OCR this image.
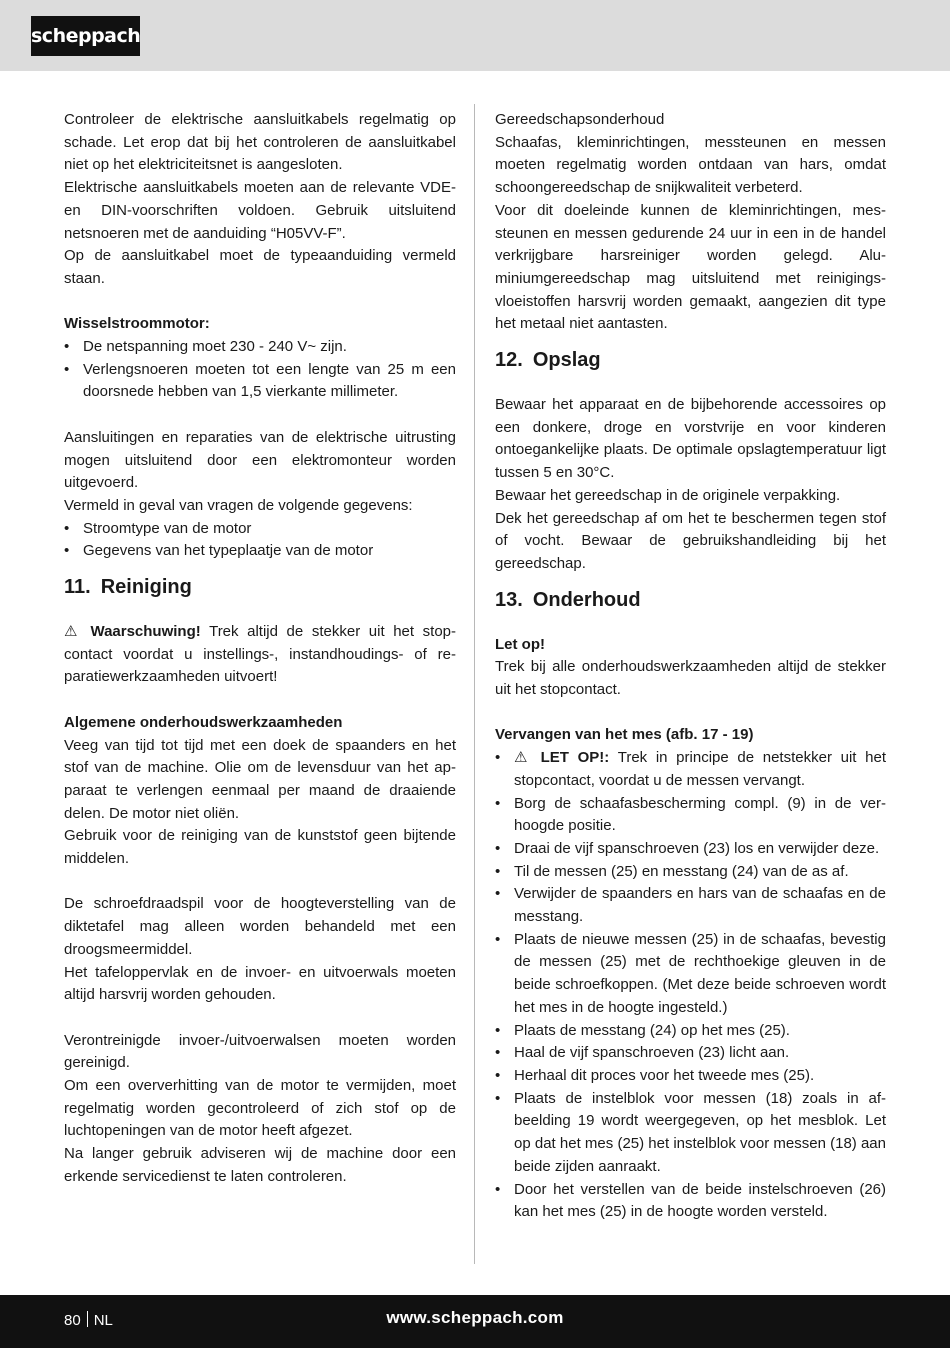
scheppach

Controleer de elektrische aansluitkabels regelmatig op schade. Let erop dat bij het controleren de aansluitkabel niet op het elektriciteitsnet is aangesloten.

Elektrische aansluitkabels moeten aan de relevante VDE- en DIN-voorschriften voldoen. Gebruik uitsluitend netsnoeren met de aanduiding “H05VV-F”.

Op de aansluitkabel moet de typeaanduiding vermeld staan.

Wisselstroommotor:

• De netspanning moet 230 - 240 V~ zijn.
• Verlengsnoeren moeten tot een lengte van 25 m een doorsnede hebben van 1,5 vierkante millimeter.

Aansluitingen en reparaties van de elektrische uitrusting mogen uitsluitend door een elektromonteur worden uitgevoerd.

Vermeld in geval van vragen de volgende gegevens:

• Stroomtype van de motor
• Gegevens van het typeplaatje van de motor
11. Reiniging

⚠ Waarschuwing! Trek altijd de stekker uit het stopcontact voordat u instellings-, instandhoudings- of reparatiewerkzaamheden uitvoert!

Algemene onderhoudswerkzaamheden

Veeg van tijd tot tijd met een doek de spaanders en het stof van de machine. Olie om de levensduur van het apparaat te verlengen eenmaal per maand de draaiende delen. De motor niet oliën.

Gebruik voor de reiniging van de kunststof geen bijtende middelen.

De schroefdraadspil voor de hoogteverstelling van de diktetafel mag alleen worden behandeld met een droogsmeermiddel.

Het tafeloppervlak en de invoer- en uitvoerwals moeten altijd harsvrij worden gehouden.

Verontreinigde invoer-/uitvoerwalsen moeten worden gereinigd.

Om een oververhitting van de motor te vermijden, moet regelmatig worden gecontroleerd of zich stof op de luchtopeningen van de motor heeft afgezet.

Na langer gebruik adviseren wij de machine door een erkende servicedienst te laten controleren.

Gereedschapsonderhoud

Schaafas, kleminrichtingen, messteunen en messen moeten regelmatig worden ontdaan van hars, omdat schoongereedschap de snijkwaliteit verbeterd.

Voor dit doeleinde kunnen de kleminrichtingen, messteunen en messen gedurende 24 uur in een in de handel verkrijgbare harsreiniger worden gelegd. Aluminiumgereedschap mag uitsluitend met reinigingsvloeistoffen harsvrij worden gemaakt, aangezien dit type het metaal niet aantasten.

12. Opslag

Bewaar het apparaat en de bijbehorende accessoires op een donkere, droge en vorstvrije en voor kinderen ontoegankelijke plaats. De optimale opslagtemperatuur ligt tussen 5 en 30°C.

Bewaar het gereedschap in de originele verpakking.

Dek het gereedschap af om het te beschermen tegen stof of vocht. Bewaar de gebruikshandleiding bij het gereedschap.

13. Onderhoud

Let op!

Trek bij alle onderhoudswerkzaamheden altijd de stekker uit het stopcontact.

Vervangen van het mes (afb. 17 - 19)

• ⚠ LET OP!: Trek in principe de netstekker uit het stopcontact, voordat u de messen vervangt.
• Borg de schaafasbescherming compl. (9) in de verhoogde positie.
• Draai de vijf spanschroeven (23) los en verwijder deze.
• Til de messen (25) en messtang (24) van de as af.
• Verwijder de spaanders en hars van de schaafas en de messtang.
• Plaats de nieuwe messen (25) in de schaafas, bevestig de messen (25) met de rechthoekige gleuven in de beide schroefkoppen. (Met deze beide schroeven wordt het mes in de hoogte ingesteld.)
• Plaats de messtang (24) op het mes (25).
• Haal de vijf spanschroeven (23) licht aan.
• Herhaal dit proces voor het tweede mes (25).
• Plaats de instelblok voor messen (18) zoals in afbeelding 19 wordt weergegeven, op het mesblok. Let op dat het mes (25) het instelblok voor messen (18) aan beide zijden aanraakt.
• Door het verstellen van de beide instelschroeven (26) kan het mes (25) in de hoogte worden versteld.
80 NL	www.scheppach.com
